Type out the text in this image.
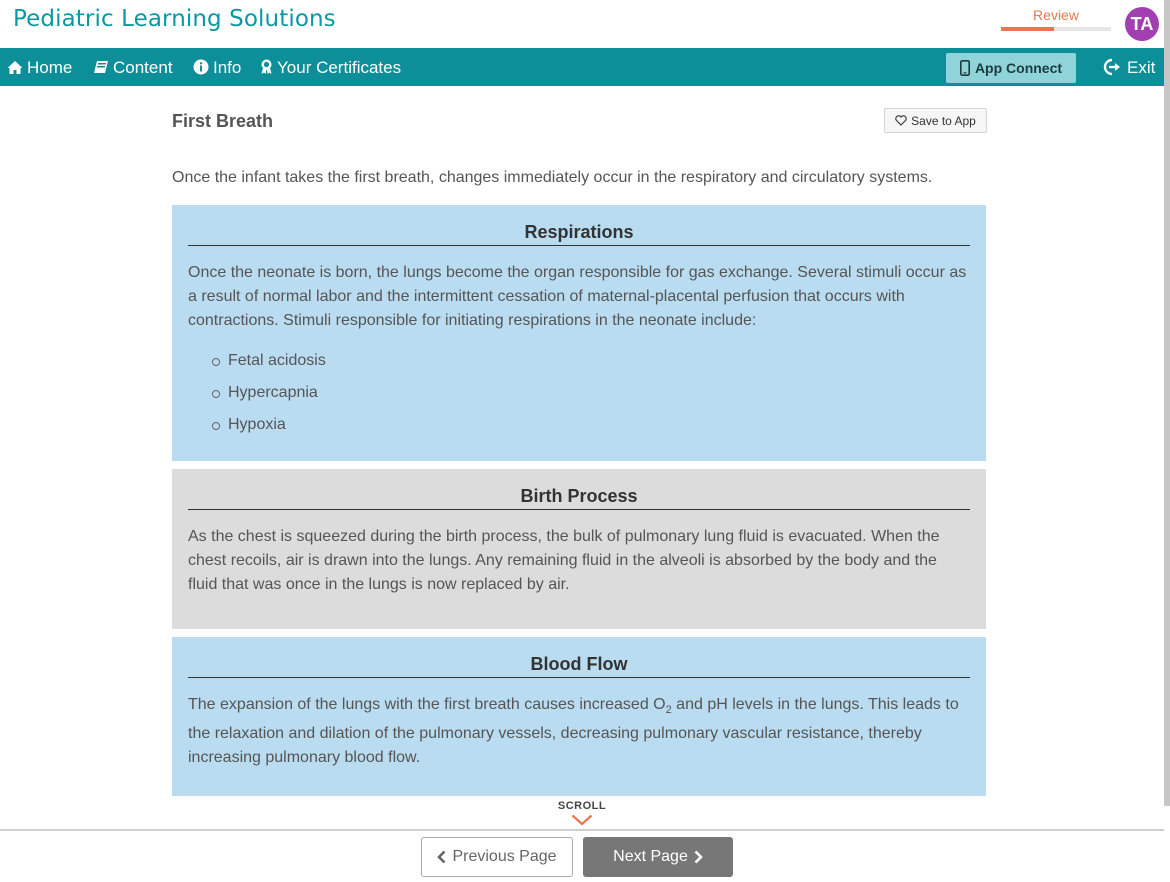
Pediatric Learning Solutions	Review	TA
Home Content Info Your Certificates	Exit
App Connect
First Breath	Save to App
Once the infant takes the first breath, changes immediately occur in the respiratory and circulatory systems.
Respirations

Once the neonate is born, the lungs become the organ responsible for gas exchange. Several stimuli occur as a result of normal labor and the intermittent cessation of maternal-placental perfusion that occurs with contractions. Stimuli responsible for initiating respirations in the neonate include:

Fetal acidosis
Hypercapnia
Hypoxia
Birth Process

As the chest is squeezed during the birth process, the bulk of pulmonary lung fluid is evacuated. When the chest recoils, air is drawn into the lungs. Any remaining fluid in the alveoli is absorbed by the body and the fluid that was once in the lungs is now replaced by air.

Blood Flow

The expansion of the lungs with the first breath causes increased $O_2$ and pH levels in the lungs. This leads to the relaxation and dilation of the pulmonary vessels, decreasing pulmonary vascular resistance, thereby increasing pulmonary blood flow.

SCROLL
Previous Page	Next Page
